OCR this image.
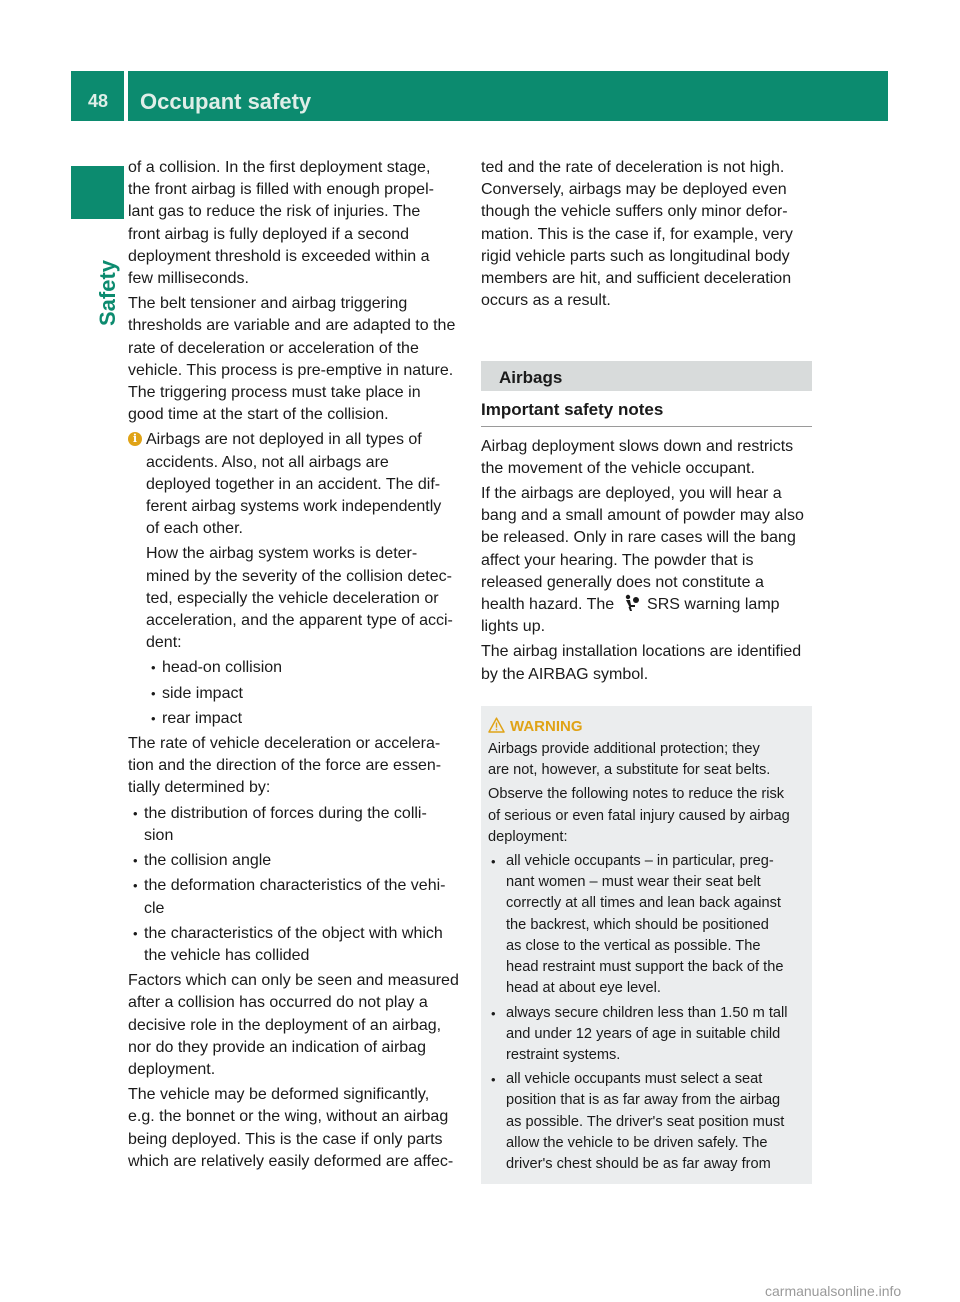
48 Occupant safety
Safety

of a collision. In the first deployment stage,
the front airbag is filled with enough propel-
lant gas to reduce the risk of injuries. The
front airbag is fully deployed if a second
deployment threshold is exceeded within a
few milliseconds.

The belt tensioner and airbag triggering
thresholds are variable and are adapted to the
rate of deceleration or acceleration of the
vehicle. This process is pre-emptive in nature.
The triggering process must take place in
good time at the start of the collision.

i Airbags are not deployed in all types of
accidents. Also, not all airbags are
deployed together in an accident. The dif-
ferent airbag systems work independently
of each other.

How the airbag system works is deter-
mined by the severity of the collision detec-
ted, especially the vehicle deceleration or
acceleration, and the apparent type of acci-
dent:

• head-on collision
• side impact
• rear impact

The rate of vehicle deceleration or accelera-
tion and the direction of the force are essen-
tially determined by:

• the distribution of forces during the colli-
sion
• the collision angle
• the deformation characteristics of the vehi-
cle
• the characteristics of the object with which
the vehicle has collided

Factors which can only be seen and measured
after a collision has occurred do not play a
decisive role in the deployment of an airbag,
nor do they provide an indication of airbag
deployment.

The vehicle may be deformed significantly,
e.g. the bonnet or the wing, without an airbag
being deployed. This is the case if only parts
which are relatively easily deformed are affec-

ted and the rate of deceleration is not high.
Conversely, airbags may be deployed even
though the vehicle suffers only minor defor-
mation. This is the case if, for example, very
rigid vehicle parts such as longitudinal body
members are hit, and sufficient deceleration
occurs as a result.

Airbags
Important safety notes

Airbag deployment slows down and restricts
the movement of the vehicle occupant.

If the airbags are deployed, you will hear a
bang and a small amount of powder may also
be released. Only in rare cases will the bang
affect your hearing. The powder that is
released generally does not constitute a
health hazard. The SRS warning lamp
lights up.

The airbag installation locations are identified
by the AIRBAG symbol.

WARNING

Airbags provide additional protection; they
are not, however, a substitute for seat belts.

Observe the following notes to reduce the risk
of serious or even fatal injury caused by airbag
deployment:

• all vehicle occupants – in particular, preg-
nant women – must wear their seat belt
correctly at all times and lean back against
the backrest, which should be positioned
as close to the vertical as possible. The
head restraint must support the back of the
head at about eye level.
• always secure children less than 1.50 m tall
and under 12 years of age in suitable child
restraint systems.
• all vehicle occupants must select a seat
position that is as far away from the airbag
as possible. The driver's seat position must
allow the vehicle to be driven safely. The
driver's chest should be as far away from
carmanualsonline.info
